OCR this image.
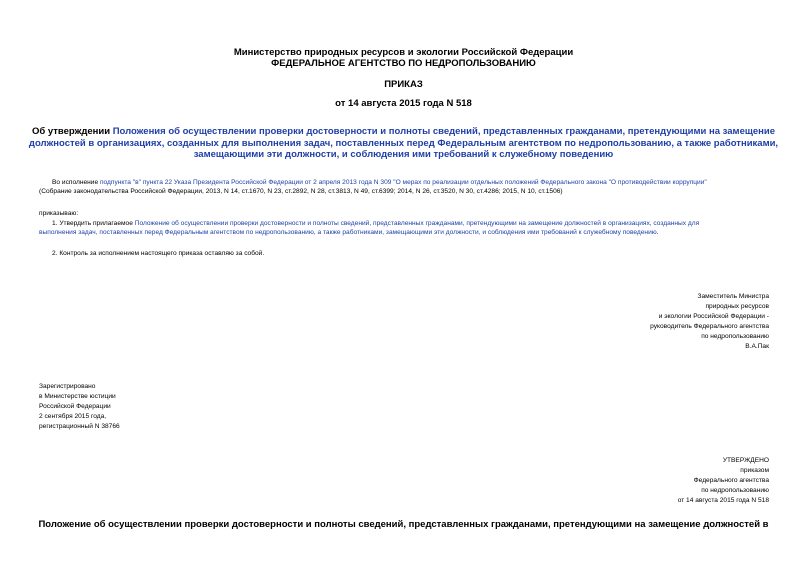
Министерство природных ресурсов и экологии Российской Федерации
ФЕДЕРАЛЬНОЕ АГЕНТСТВО ПО НЕДРОПОЛЬЗОВАНИЮ
ПРИКАЗ
от 14 августа 2015 года N 518
Об утверждении Положения об осуществлении проверки достоверности и полноты сведений, представленных гражданами, претендующими на замещение
должностей в организациях, созданных для выполнения задач, поставленных перед Федеральным агентством по недропользованию, а также работниками,
замещающими эти должности, и соблюдения ими требований к служебному поведению
Во исполнение подпункта "в" пункта 22 Указа Президента Российской Федерации от 2 апреля 2013 года N 309 "О мерах по реализации отдельных положений Федерального закона "О противодействии коррупции"
(Собрание законодательства Российской Федерации, 2013, N 14, ст.1670, N 23, ст.2892, N 28, ст.3813, N 49, ст.6399; 2014, N 26, ст.3520, N 30, ст.4286; 2015, N 10, ст.1506)
приказываю:
1. Утвердить прилагаемое Положение об осуществлении проверки достоверности и полноты сведений, представленных гражданами, претендующими на замещение должностей в организациях, созданных для
выполнения задач, поставленных перед Федеральным агентством по недропользованию, а также работниками, замещающими эти должности, и соблюдения ими требований к служебному поведению.
2. Контроль за исполнением настоящего приказа оставляю за собой.
Заместитель Министра
природных ресурсов
и экологии Российской Федерации -
руководитель Федерального агентства
по недропользованию
В.А.Пак
Зарегистрировано
в Министерстве юстиции
Российской Федерации
2 сентября 2015 года,
регистрационный N 38766
УТВЕРЖДЕНО
приказом
Федерального агентства
по недропользованию
от 14 августа 2015 года N 518
Положение об осуществлении проверки достоверности и полноты сведений, представленных гражданами, претендующими на замещение должностей в
